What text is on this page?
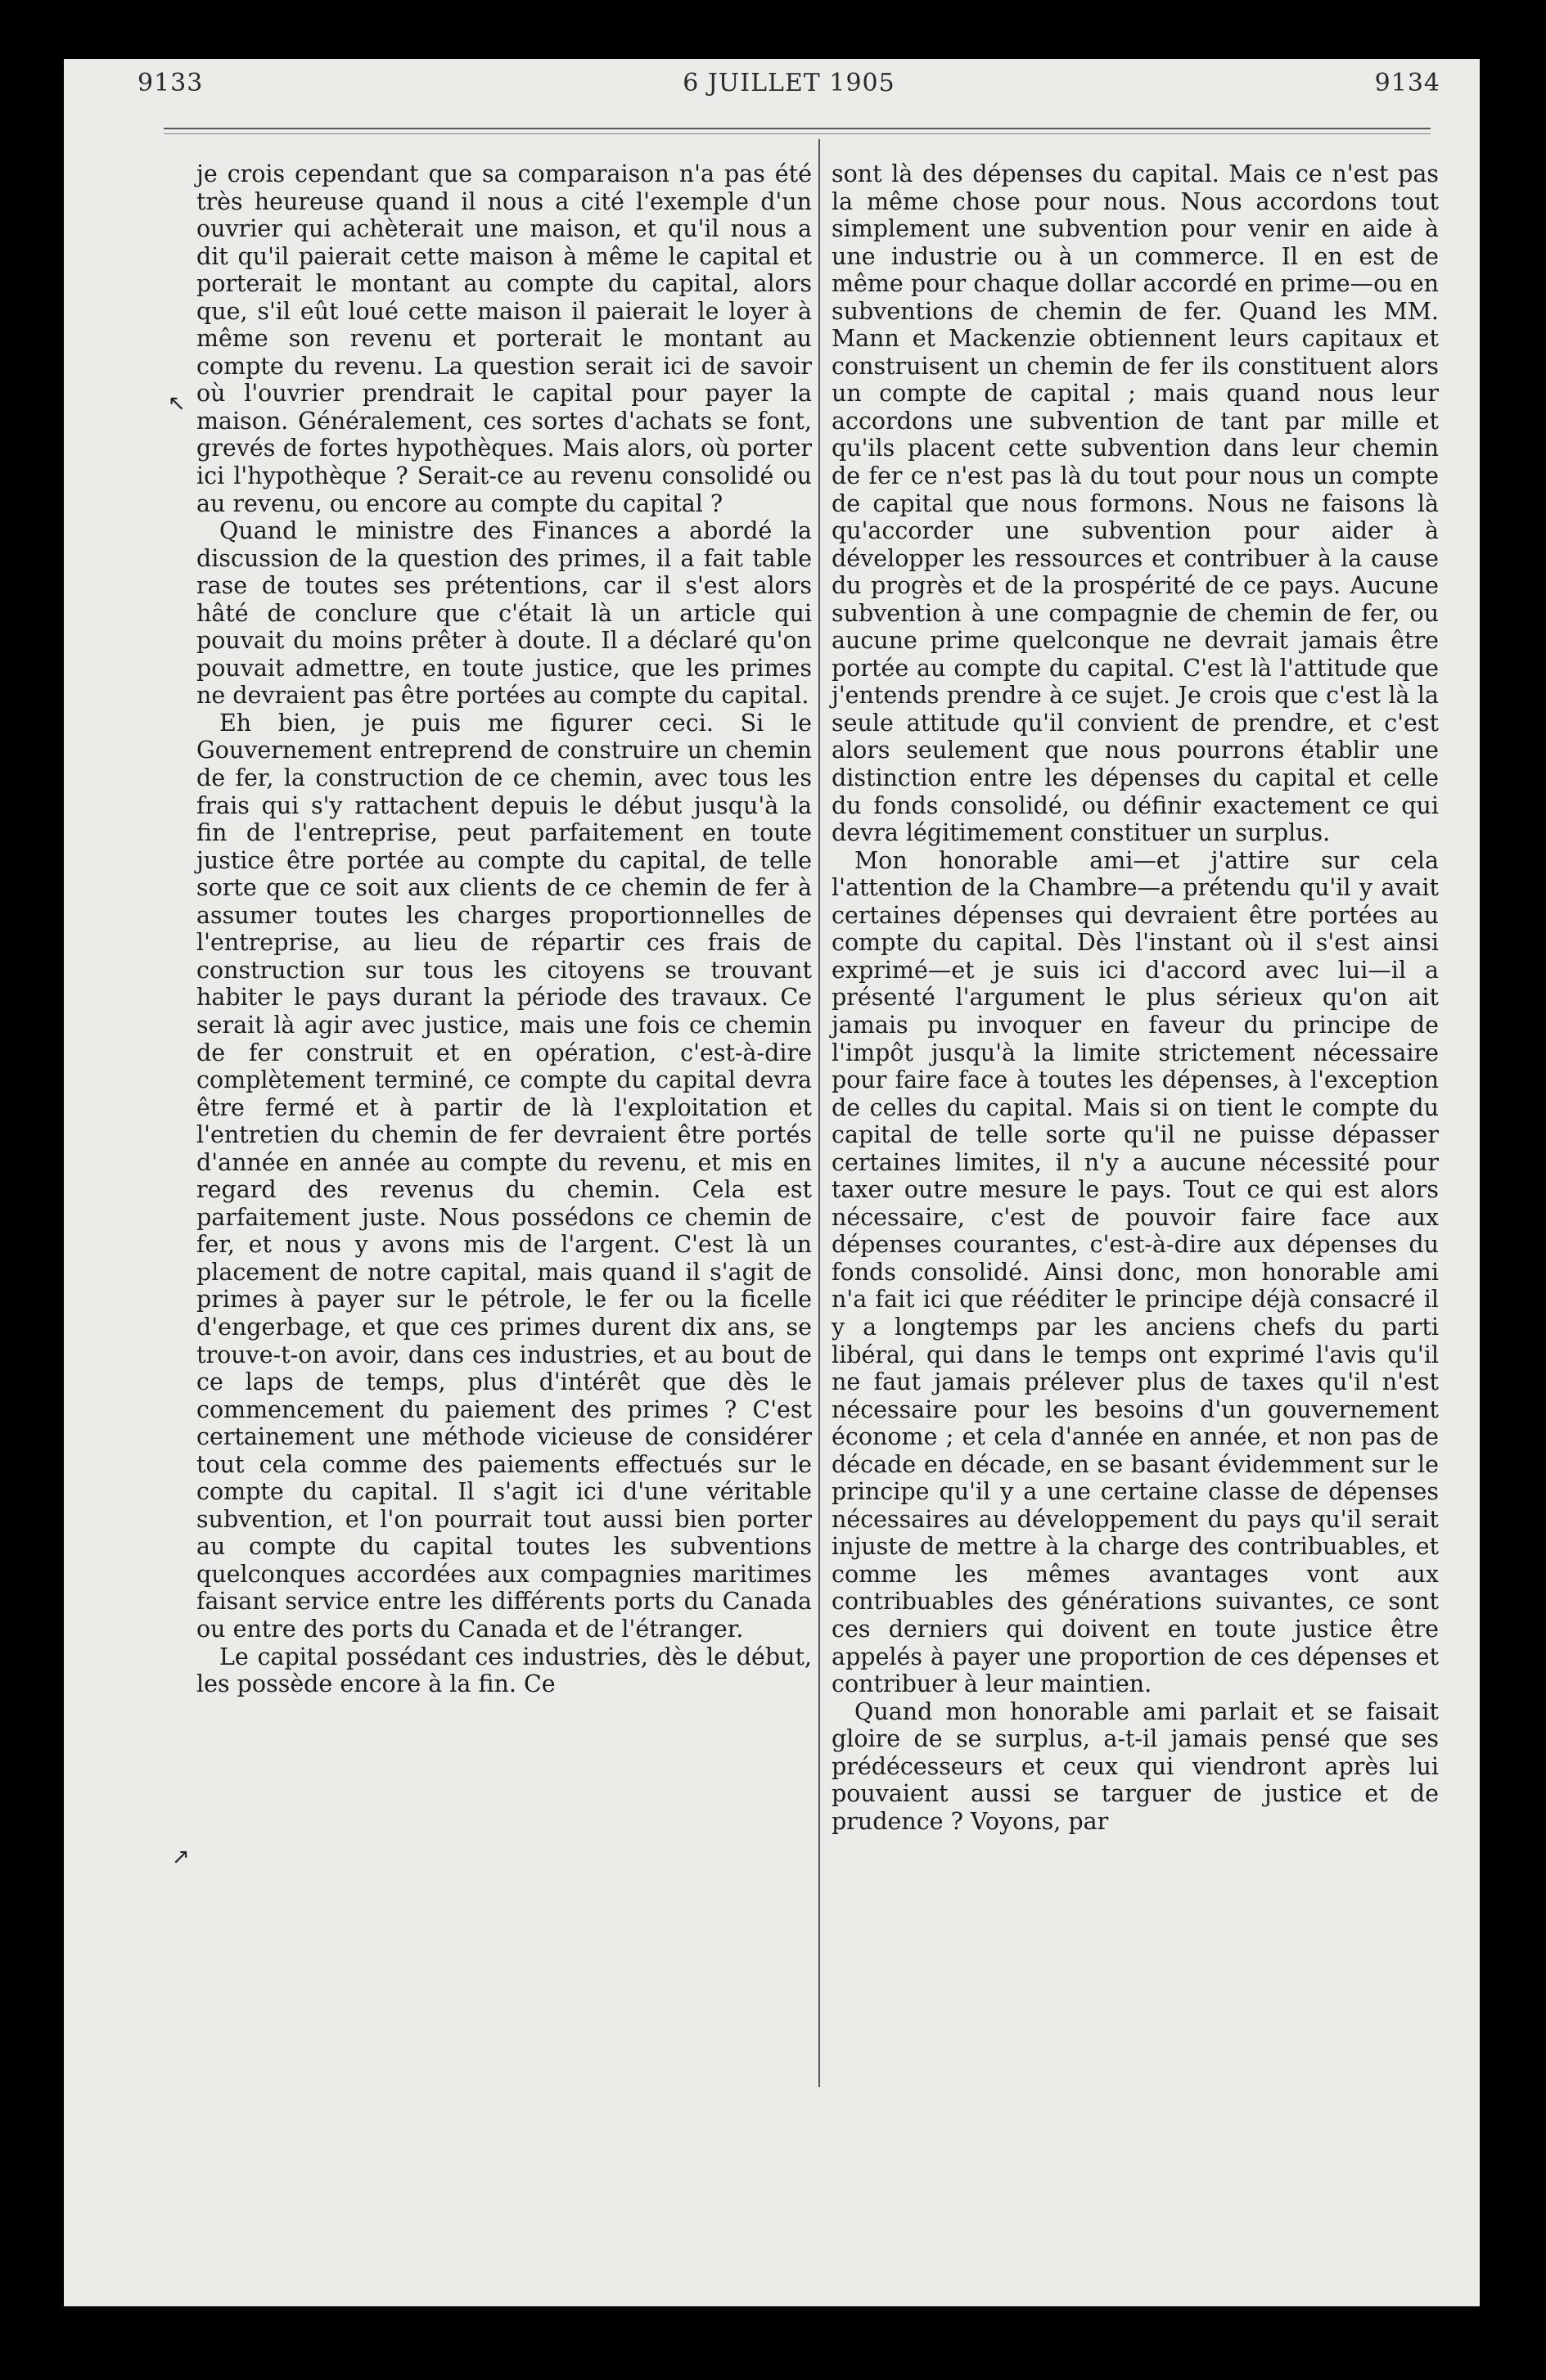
9133	6 JUILLET 1905	9134
↖
↗

je crois cependant que sa comparaison n'a pas été très heureuse quand il nous a cité l'exemple d'un ouvrier qui achèterait une maison, et qu'il nous a dit qu'il paierait cette maison à même le capital et porterait le montant au compte du capital, alors que, s'il eût loué cette maison il paierait le loyer à même son revenu et porterait le montant au compte du revenu. La question serait ici de savoir où l'ouvrier prendrait le capital pour payer la maison. Généralement, ces sortes d'achats se font, grevés de fortes hypothèques. Mais alors, où porter ici l'hypothèque ? Serait-ce au revenu consolidé ou au revenu, ou encore au compte du capital ?

Quand le ministre des Finances a abordé la discussion de la question des primes, il a fait table rase de toutes ses prétentions, car il s'est alors hâté de conclure que c'était là un article qui pouvait du moins prêter à doute. Il a déclaré qu'on pouvait admettre, en toute justice, que les primes ne devraient pas être portées au compte du capital.

Eh bien, je puis me figurer ceci. Si le Gouvernement entreprend de construire un chemin de fer, la construction de ce chemin, avec tous les frais qui s'y rattachent depuis le début jusqu'à la fin de l'entreprise, peut parfaitement en toute justice être portée au compte du capital, de telle sorte que ce soit aux clients de ce chemin de fer à assumer toutes les charges proportionnelles de l'entreprise, au lieu de répartir ces frais de construction sur tous les citoyens se trouvant habiter le pays durant la période des travaux. Ce serait là agir avec justice, mais une fois ce chemin de fer construit et en opération, c'est-à-dire complètement terminé, ce compte du capital devra être fermé et à partir de là l'exploitation et l'entretien du chemin de fer devraient être portés d'année en année au compte du revenu, et mis en regard des revenus du chemin. Cela est parfaitement juste. Nous possédons ce chemin de fer, et nous y avons mis de l'argent. C'est là un placement de notre capital, mais quand il s'agit de primes à payer sur le pétrole, le fer ou la ficelle d'engerbage, et que ces primes durent dix ans, se trouve-t-on avoir, dans ces industries, et au bout de ce laps de temps, plus d'intérêt que dès le commencement du paiement des primes ? C'est certainement une méthode vicieuse de considérer tout cela comme des paiements effectués sur le compte du capital. Il s'agit ici d'une véritable subvention, et l'on pourrait tout aussi bien porter au compte du capital toutes les subventions quelconques accordées aux compagnies maritimes faisant service entre les différents ports du Canada ou entre des ports du Canada et de l'étranger.

Le capital possédant ces industries, dès le début, les possède encore à la fin. Ce

sont là des dépenses du capital. Mais ce n'est pas la même chose pour nous. Nous accordons tout simplement une subvention pour venir en aide à une industrie ou à un commerce. Il en est de même pour chaque dollar accordé en prime—ou en subventions de chemin de fer. Quand les MM. Mann et Mackenzie obtiennent leurs capitaux et construisent un chemin de fer ils constituent alors un compte de capital ; mais quand nous leur accordons une subvention de tant par mille et qu'ils placent cette subvention dans leur chemin de fer ce n'est pas là du tout pour nous un compte de capital que nous formons. Nous ne faisons là qu'accorder une subvention pour aider à développer les ressources et contribuer à la cause du progrès et de la prospérité de ce pays. Aucune subvention à une compagnie de chemin de fer, ou aucune prime quelconque ne devrait jamais être portée au compte du capital. C'est là l'attitude que j'entends prendre à ce sujet. Je crois que c'est là la seule attitude qu'il convient de prendre, et c'est alors seulement que nous pourrons établir une distinction entre les dépenses du capital et celle du fonds consolidé, ou définir exactement ce qui devra légitimement constituer un surplus.

Mon honorable ami—et j'attire sur cela l'attention de la Chambre—a prétendu qu'il y avait certaines dépenses qui devraient être portées au compte du capital. Dès l'instant où il s'est ainsi exprimé—et je suis ici d'accord avec lui—il a présenté l'argument le plus sérieux qu'on ait jamais pu invoquer en faveur du principe de l'impôt jusqu'à la limite strictement nécessaire pour faire face à toutes les dépenses, à l'exception de celles du capital. Mais si on tient le compte du capital de telle sorte qu'il ne puisse dépasser certaines limites, il n'y a aucune nécessité pour taxer outre mesure le pays. Tout ce qui est alors nécessaire, c'est de pouvoir faire face aux dépenses courantes, c'est-à-dire aux dépenses du fonds consolidé. Ainsi donc, mon honorable ami n'a fait ici que rééditer le principe déjà consacré il y a longtemps par les anciens chefs du parti libéral, qui dans le temps ont exprimé l'avis qu'il ne faut jamais prélever plus de taxes qu'il n'est nécessaire pour les besoins d'un gouvernement économe ; et cela d'année en année, et non pas de décade en décade, en se basant évidemment sur le principe qu'il y a une certaine classe de dépenses nécessaires au développement du pays qu'il serait injuste de mettre à la charge des contribuables, et comme les mêmes avantages vont aux contribuables des générations suivantes, ce sont ces derniers qui doivent en toute justice être appelés à payer une proportion de ces dépenses et contribuer à leur maintien.

Quand mon honorable ami parlait et se faisait gloire de se surplus, a-t-il jamais pensé que ses prédécesseurs et ceux qui viendront après lui pouvaient aussi se targuer de justice et de prudence ? Voyons, par
